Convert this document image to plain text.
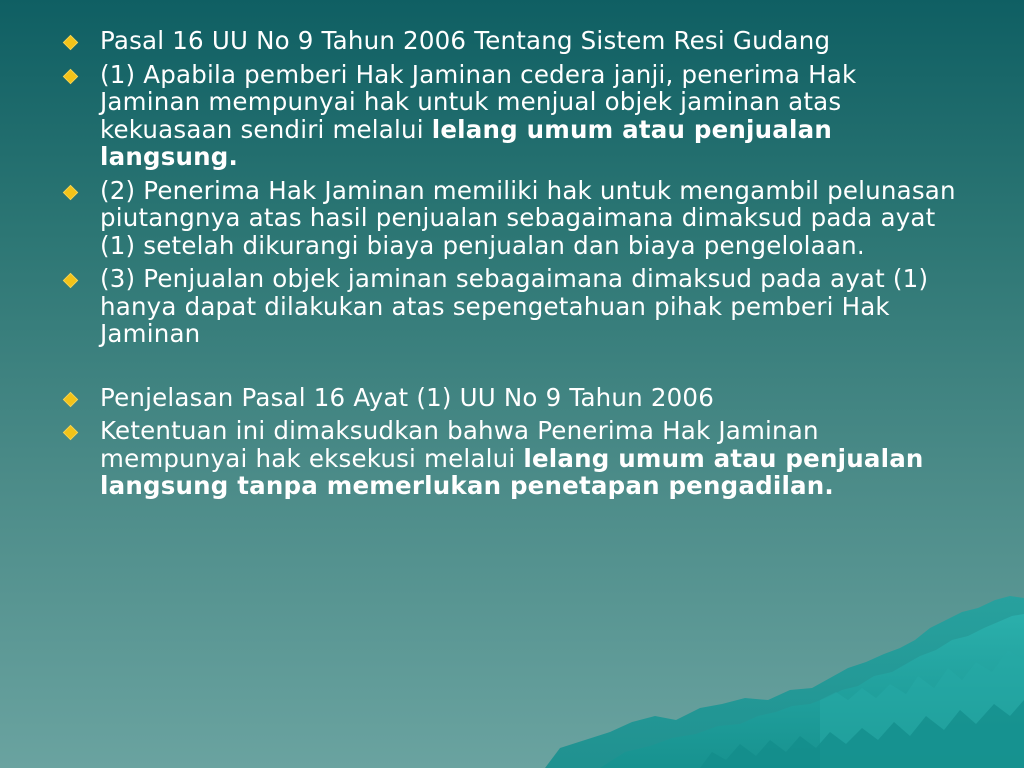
Pasal 16 UU No 9 Tahun 2006 Tentang Sistem Resi Gudang
(1) Apabila pemberi Hak Jaminan cedera janji, penerima Hak Jaminan mempunyai hak untuk menjual objek jaminan atas kekuasaan sendiri melalui lelang umum atau penjualan langsung.
(2) Penerima Hak Jaminan memiliki hak untuk mengambil pelunasan piutangnya atas hasil penjualan sebagaimana dimaksud pada ayat (1) setelah dikurangi biaya penjualan dan biaya pengelolaan.
(3) Penjualan objek jaminan sebagaimana dimaksud pada ayat (1) hanya dapat dilakukan atas sepengetahuan pihak pemberi Hak Jaminan
Penjelasan Pasal 16 Ayat (1) UU No 9 Tahun 2006
Ketentuan ini dimaksudkan bahwa Penerima Hak Jaminan mempunyai hak eksekusi melalui lelang umum atau penjualan langsung tanpa memerlukan penetapan pengadilan.
